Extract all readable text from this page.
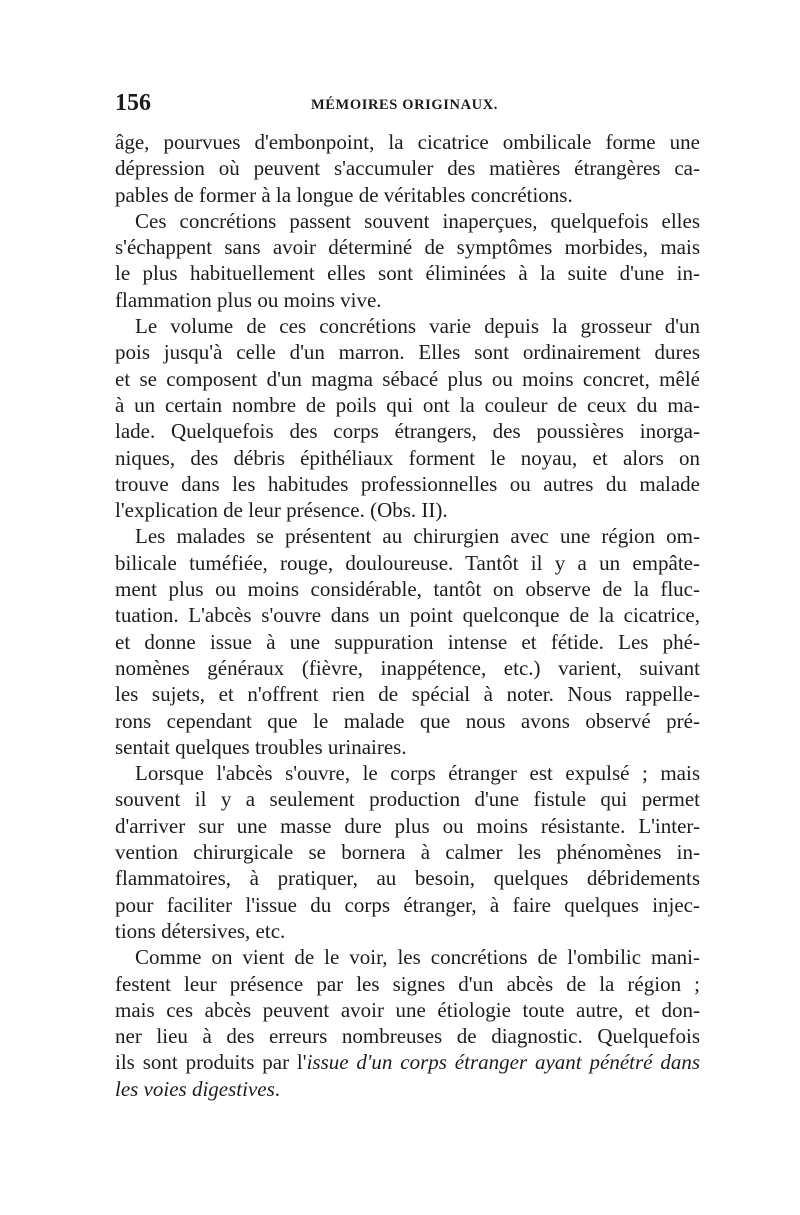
156	MÉMOIRES ORIGINAUX.
âge, pourvues d'embonpoint, la cicatrice ombilicale forme une
dépression où peuvent s'accumuler des matières étrangères ca-
pables de former à la longue de véritables concrétions.
Ces concrétions passent souvent inaperçues, quelquefois elles
s'échappent sans avoir déterminé de symptômes morbides, mais
le plus habituellement elles sont éliminées à la suite d'une in-
flammation plus ou moins vive.
Le volume de ces concrétions varie depuis la grosseur d'un
pois jusqu'à celle d'un marron. Elles sont ordinairement dures
et se composent d'un magma sébacé plus ou moins concret, mêlé
à un certain nombre de poils qui ont la couleur de ceux du ma-
lade. Quelquefois des corps étrangers, des poussières inorga-
niques, des débris épithéliaux forment le noyau, et alors on
trouve dans les habitudes professionnelles ou autres du malade
l'explication de leur présence. (Obs. II).
Les malades se présentent au chirurgien avec une région om-
bilicale tuméfiée, rouge, douloureuse. Tantôt il y a un empâte-
ment plus ou moins considérable, tantôt on observe de la fluc-
tuation. L'abcès s'ouvre dans un point quelconque de la cicatrice,
et donne issue à une suppuration intense et fétide. Les phé-
nomènes généraux (fièvre, inappétence, etc.) varient, suivant
les sujets, et n'offrent rien de spécial à noter. Nous rappelle-
rons cependant que le malade que nous avons observé pré-
sentait quelques troubles urinaires.
Lorsque l'abcès s'ouvre, le corps étranger est expulsé ; mais
souvent il y a seulement production d'une fistule qui permet
d'arriver sur une masse dure plus ou moins résistante. L'inter-
vention chirurgicale se bornera à calmer les phénomènes in-
flammatoires, à pratiquer, au besoin, quelques débridements
pour faciliter l'issue du corps étranger, à faire quelques injec-
tions détersives, etc.
Comme on vient de le voir, les concrétions de l'ombilic mani-
festent leur présence par les signes d'un abcès de la région ;
mais ces abcès peuvent avoir une étiologie toute autre, et don-
ner lieu à des erreurs nombreuses de diagnostic. Quelquefois
ils sont produits par l'issue d'un corps étranger ayant pénétré dans
les voies digestives.
